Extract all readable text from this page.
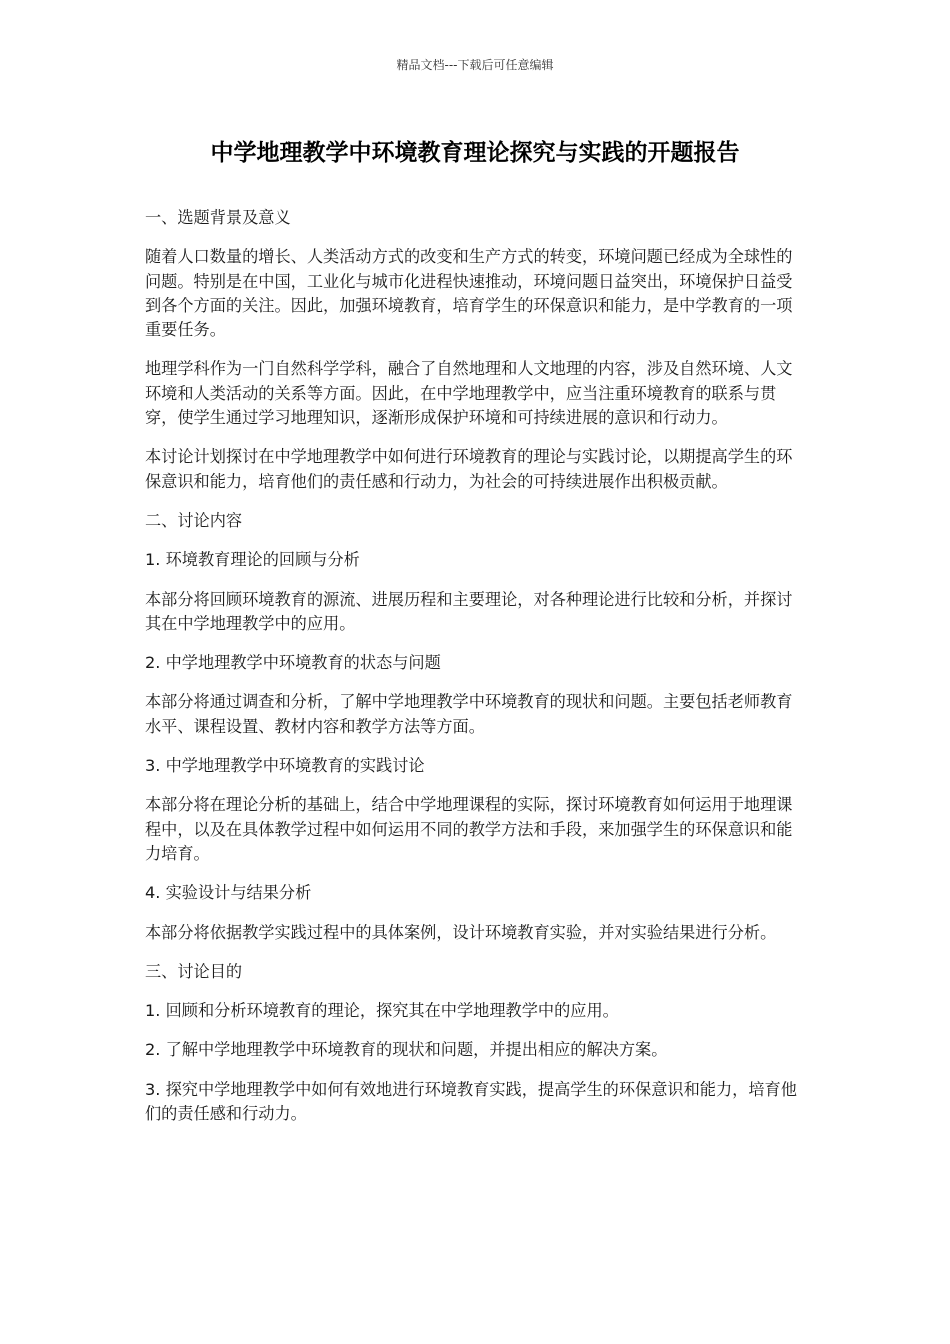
精品文档---下载后可任意编辑
中学地理教学中环境教育理论探究与实践的开题报告

一、选题背景及意义

随着人口数量的增长、人类活动方式的改变和生产方式的转变，环境问题已经成为全球性的问题。特别是在中国，工业化与城市化进程快速推动，环境问题日益突出，环境保护日益受到各个方面的关注。因此，加强环境教育，培育学生的环保意识和能力，是中学教育的一项重要任务。

地理学科作为一门自然科学学科，融合了自然地理和人文地理的内容，涉及自然环境、人文环境和人类活动的关系等方面。因此，在中学地理教学中，应当注重环境教育的联系与贯穿，使学生通过学习地理知识，逐渐形成保护环境和可持续进展的意识和行动力。

本讨论计划探讨在中学地理教学中如何进行环境教育的理论与实践讨论，以期提高学生的环保意识和能力，培育他们的责任感和行动力，为社会的可持续进展作出积极贡献。

二、讨论内容

1. 环境教育理论的回顾与分析

本部分将回顾环境教育的源流、进展历程和主要理论，对各种理论进行比较和分析，并探讨其在中学地理教学中的应用。

2. 中学地理教学中环境教育的状态与问题

本部分将通过调查和分析，了解中学地理教学中环境教育的现状和问题。主要包括老师教育水平、课程设置、教材内容和教学方法等方面。

3. 中学地理教学中环境教育的实践讨论

本部分将在理论分析的基础上，结合中学地理课程的实际，探讨环境教育如何运用于地理课程中，以及在具体教学过程中如何运用不同的教学方法和手段，来加强学生的环保意识和能力培育。

4. 实验设计与结果分析

本部分将依据教学实践过程中的具体案例，设计环境教育实验，并对实验结果进行分析。

三、讨论目的

1. 回顾和分析环境教育的理论，探究其在中学地理教学中的应用。

2. 了解中学地理教学中环境教育的现状和问题，并提出相应的解决方案。

3. 探究中学地理教学中如何有效地进行环境教育实践，提高学生的环保意识和能力，培育他们的责任感和行动力。
